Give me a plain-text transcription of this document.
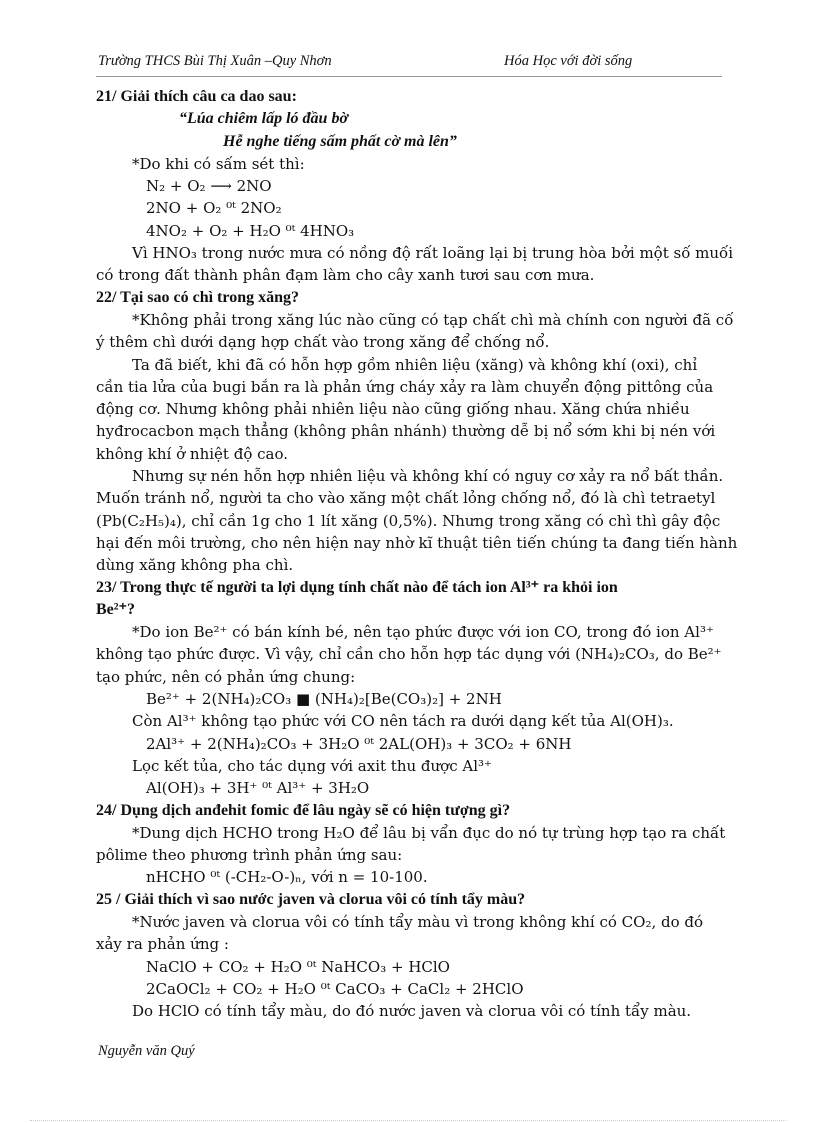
Trường THCS Bùi Thị Xuân –Quy Nhơn	Hóa Học với đời sống
21/ Giải thích câu ca dao sau:
“Lúa chiêm lấp ló đầu bờ
Hễ nghe tiếng sấm phất cờ mà lên”
*Do khi có sấm sét thì:
N₂ + O₂ ⟶ 2NO
2NO + O₂ ⁰ᵗ 2NO₂
4NO₂ + O₂ + H₂O ⁰ᵗ 4HNO₃
Vì HNO₃ trong nước mưa có nồng độ rất loãng lại bị trung hòa bởi một số muối
có trong đất thành phân đạm làm cho cây xanh tươi sau cơn mưa.
22/ Tại sao có chì trong xăng?
*Không phải trong xăng lúc nào cũng có tạp chất chì mà chính con người đã cố
ý thêm chì dưới dạng hợp chất vào trong xăng để chống nổ.
Ta đã biết, khi đã có hỗn hợp gồm nhiên liệu (xăng) và không khí (oxi), chỉ
cần tia lửa của bugi bắn ra là phản ứng cháy xảy ra làm chuyển động pittông của
động cơ. Nhưng không phải nhiên liệu nào cũng giống nhau. Xăng chứa nhiều
hyđrocacbon mạch thẳng (không phân nhánh) thường dễ bị nổ sớm khi bị nén với
không khí ở nhiệt độ cao.
Nhưng sự nén hỗn hợp nhiên liệu và không khí có nguy cơ xảy ra nổ bất thần.
Muốn tránh nổ, người ta cho vào xăng một chất lỏng chống nổ, đó là chì tetraetyl
(Pb(C₂H₅)₄), chỉ cần 1g cho 1 lít xăng (0,5%). Nhưng trong xăng có chì thì gây độc
hại đến môi trường, cho nên hiện nay nhờ kĩ thuật tiên tiến chúng ta đang tiến hành
dùng xăng không pha chì.
23/ Trong thực tế người ta lợi dụng tính chất nào để tách ion Al³⁺ ra khỏi ion
Be²⁺?
*Do ion Be²⁺ có bán kính bé, nên tạo phức được với ion CO, trong đó ion Al³⁺
không tạo phức được. Vì vậy, chỉ cần cho hỗn hợp tác dụng với (NH₄)₂CO₃, do Be²⁺
tạo phức, nên có phản ứng chung:
Be²⁺ + 2(NH₄)₂CO₃ ■ (NH₄)₂[Be(CO₃)₂] + 2NH
Còn Al³⁺ không tạo phức với CO nên tách ra dưới dạng kết tủa Al(OH)₃.
2Al³⁺ + 2(NH₄)₂CO₃ + 3H₂O ⁰ᵗ 2AL(OH)₃ + 3CO₂ + 6NH
Lọc kết tủa, cho tác dụng với axit thu được Al³⁺
Al(OH)₃ + 3H⁺ ⁰ᵗ Al³⁺ + 3H₂O
24/ Dụng dịch anđehit fomic để lâu ngày sẽ có hiện tượng gì?
*Dung dịch HCHO trong H₂O để lâu bị vẩn đục do nó tự trùng hợp tạo ra chất
pôlime theo phương trình phản ứng sau:
nHCHO ⁰ᵗ (-CH₂-O-)ₙ, với n = 10-100.
25 / Giải thích vì sao nước javen và clorua vôi có tính tẩy màu?
*Nước javen và clorua vôi có tính tẩy màu vì trong không khí có CO₂, do đó
xảy ra phản ứng :
NaClO + CO₂ + H₂O ⁰ᵗ NaHCO₃ + HClO
2CaOCl₂ + CO₂ + H₂O ⁰ᵗ CaCO₃ + CaCl₂ + 2HClO
Do HClO có tính tẩy màu, do đó nước javen và clorua vôi có tính tẩy màu.
Nguyễn văn Quý
